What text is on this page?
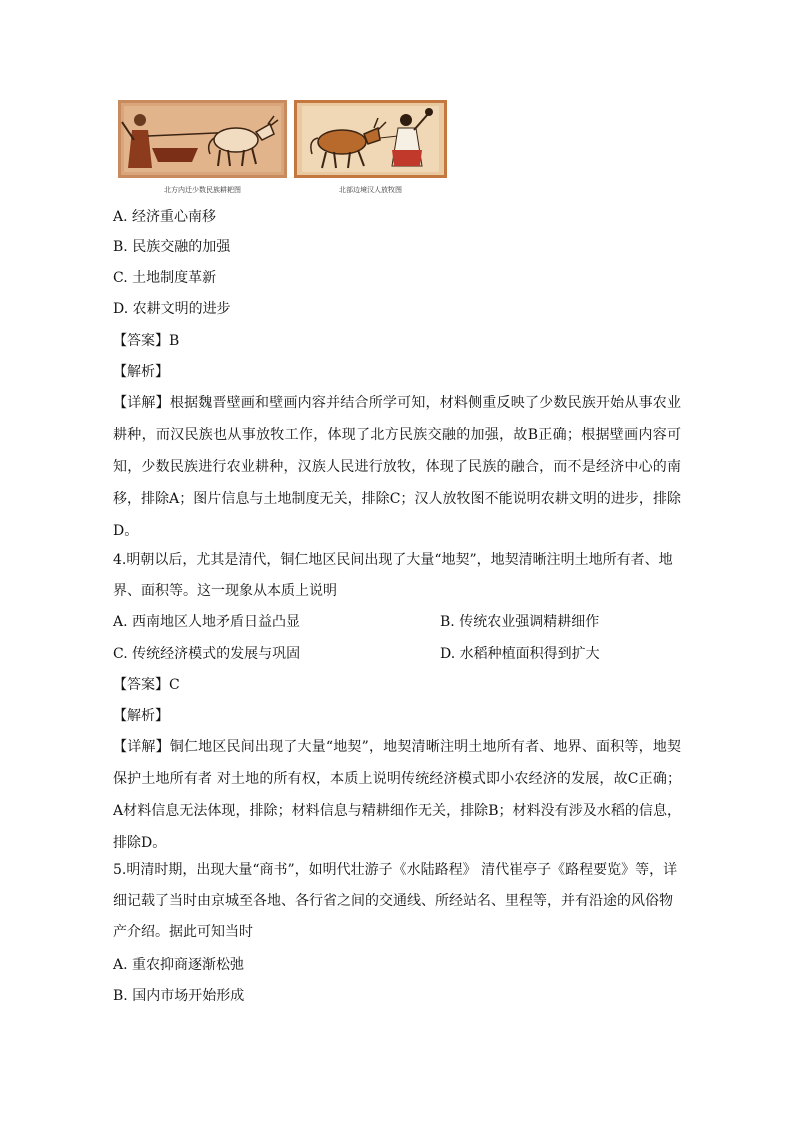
北方内迁少数民族耕耙图	北部边境汉人放牧图
A. 经济重心南移
B. 民族交融的加强
C. 土地制度革新
D. 农耕文明的进步
【答案】B
【解析】
【详解】根据魏晋壁画和壁画内容并结合所学可知，材料侧重反映了少数民族开始从事农业耕种，而汉民族也从事放牧工作，体现了北方民族交融的加强，故B正确；根据壁画内容可知，少数民族进行农业耕种，汉族人民进行放牧，体现了民族的融合，而不是经济中心的南移，排除A；图片信息与土地制度无关，排除C；汉人放牧图不能说明农耕文明的进步，排除D。
4.明朝以后，尤其是清代，铜仁地区民间出现了大量“地契”，地契清晰注明土地所有者、地界、面积等。这一现象从本质上说明
A. 西南地区人地矛盾日益凸显	B. 传统农业强调精耕细作
C. 传统经济模式的发展与巩固	D. 水稻种植面积得到扩大
【答案】C
【解析】
【详解】铜仁地区民间出现了大量“地契”，地契清晰注明土地所有者、地界、面积等，地契保护土地所有者 对土地的所有权，本质上说明传统经济模式即小农经济的发展，故C正确；A材料信息无法体现，排除；材料信息与精耕细作无关，排除B；材料没有涉及水稻的信息，排除D。
5.明清时期，出现大量“商书”，如明代壮游子《水陆路程》 清代崔亭子《路程要览》等，详细记载了当时由京城至各地、各行省之间的交通线、所经站名、里程等，并有沿途的风俗物产介绍。据此可知当时
A. 重农抑商逐渐松弛
B. 国内市场开始形成
